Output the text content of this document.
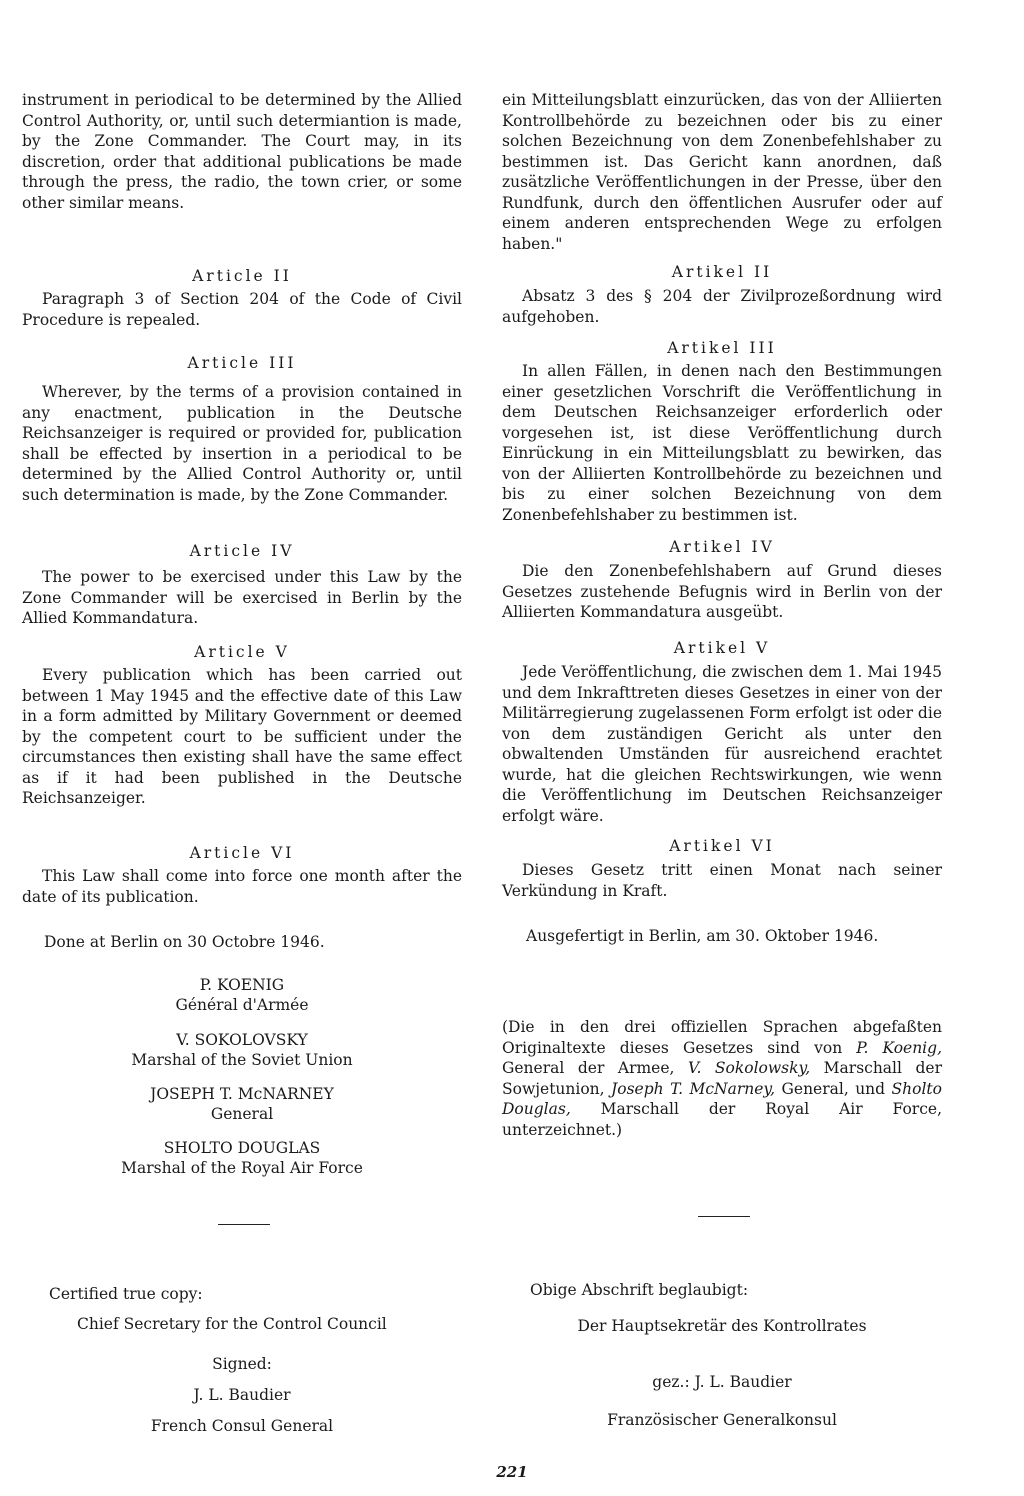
instrument in periodical to be determined by the Allied Control Authority, or, until such determiantion is made, by the Zone Commander. The Court may, in its discretion, order that additional publications be made through the press, the radio, the town crier, or some other similar means.

Article II

Paragraph 3 of Section 204 of the Code of Civil Procedure is repealed.

Article III

Wherever, by the terms of a provision contained in any enactment, publication in the Deutsche Reichsanzeiger is required or provided for, publication shall be effected by insertion in a periodical to be determined by the Allied Control Authority or, until such determination is made, by the Zone Commander.

Article IV

The power to be exercised under this Law by the Zone Commander will be exercised in Berlin by the Allied Kommandatura.

Article V

Every publication which has been carried out between 1 May 1945 and the effective date of this Law in a form admitted by Military Government or deemed by the competent court to be sufficient under the circumstances then existing shall have the same effect as if it had been published in the Deutsche Reichsanzeiger.

Article VI

This Law shall come into force one month after the date of its publication.

Done at Berlin on 30 Octobre 1946.
P. KOENIG
Général d'Armée
V. SOKOLOVSKY
Marshal of the Soviet Union
JOSEPH T. McNARNEY
General
SHOLTO DOUGLAS
Marshal of the Royal Air Force
Certified true copy:
Chief Secretary for the Control Council
Signed:
J. L. Baudier
French Consul General

ein Mitteilungsblatt einzurücken, das von der Alliierten Kontrollbehörde zu bezeichnen oder bis zu einer solchen Bezeichnung von dem Zonenbefehlshaber zu bestimmen ist. Das Gericht kann anordnen, daß zusätzliche Veröffentlichungen in der Presse, über den Rundfunk, durch den öffentlichen Ausrufer oder auf einem anderen entsprechenden Wege zu erfolgen haben."

Artikel II

Absatz 3 des § 204 der Zivilprozeßordnung wird aufgehoben.

Artikel III

In allen Fällen, in denen nach den Bestimmungen einer gesetzlichen Vorschrift die Veröffentlichung in dem Deutschen Reichsanzeiger erforderlich oder vorgesehen ist, ist diese Veröffentlichung durch Einrückung in ein Mitteilungsblatt zu bewirken, das von der Alliierten Kontrollbehörde zu bezeichnen und bis zu einer solchen Bezeichnung von dem Zonenbefehlshaber zu bestimmen ist.

Artikel IV

Die den Zonenbefehlshabern auf Grund dieses Gesetzes zustehende Befugnis wird in Berlin von der Alliierten Kommandatura ausgeübt.

Artikel V

Jede Veröffentlichung, die zwischen dem 1. Mai 1945 und dem Inkrafttreten dieses Gesetzes in einer von der Militärregierung zugelassenen Form erfolgt ist oder die von dem zuständigen Gericht als unter den obwaltenden Umständen für ausreichend erachtet wurde, hat die gleichen Rechtswirkungen, wie wenn die Veröffentlichung im Deutschen Reichsanzeiger erfolgt wäre.

Artikel VI

Dieses Gesetz tritt einen Monat nach seiner Verkündung in Kraft.

Ausgefertigt in Berlin, am 30. Oktober 1946.

(Die in den drei offiziellen Sprachen abgefaßten Originaltexte dieses Gesetzes sind von P. Koenig, General der Armee, V. Sokolowsky, Marschall der Sowjetunion, Joseph T. McNarney, General, und Sholto Douglas, Marschall der Royal Air Force, unterzeichnet.)

Obige Abschrift beglaubigt:
Der Hauptsekretär des Kontrollrates
gez.: J. L. Baudier
Französischer Generalkonsul
221
